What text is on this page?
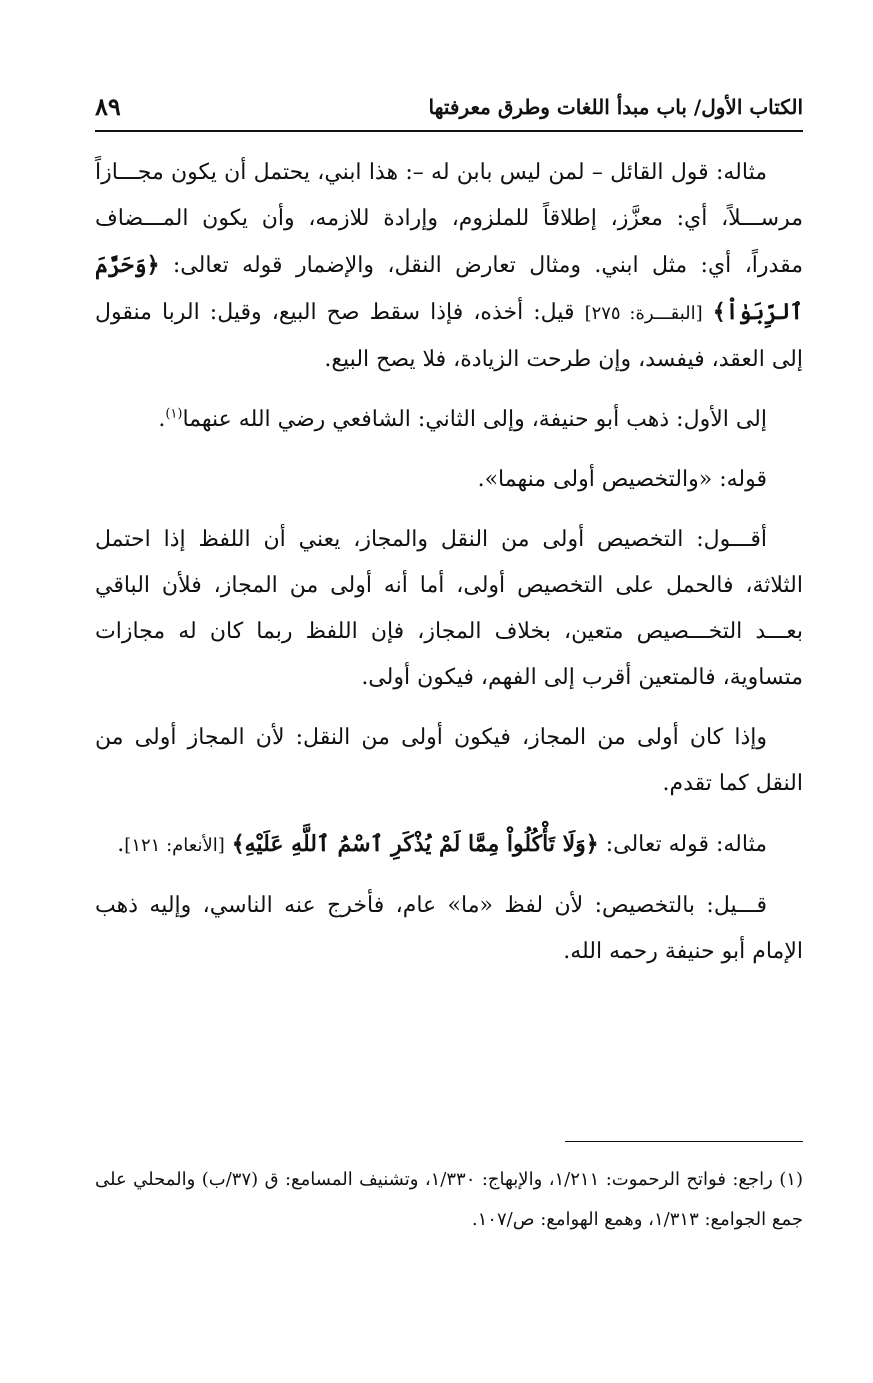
الكتاب الأول/ باب مبدأ اللغات وطرق معرفتها
٨٩

مثاله: قول القائل – لمن ليس بابن له –: هذا ابني، يحتمل أن يكون مجـــازاً مرســـلاً، أي: معزَّز، إطلاقاً للملزوم، وإرادة للازمه، وأن يكون المـــضاف مقدراً، أي: مثل ابني. ومثال تعارض النقل، والإضمار قوله تعالى: ﴿وَحَرَّمَ ٱلرِّبَوٰاْ﴾ [البقـــرة: ٢٧٥] قيل: أخذه، فإذا سقط صح البيع، وقيل: الربا منقول إلى العقد، فيفسد، وإن طرحت الزيادة، فلا يصح البيع.

إلى الأول: ذهب أبو حنيفة، وإلى الثاني: الشافعي رضي الله عنهما$^{(١)}$.

قوله: «والتخصيص أولى منهما».

أقـــول: التخصيص أولى من النقل والمجاز، يعني أن اللفظ إذا احتمل الثلاثة، فالحمل على التخصيص أولى، أما أنه أولى من المجاز، فلأن الباقي بعـــد التخـــصيص متعين، بخلاف المجاز، فإن اللفظ ربما كان له مجازات متساوية، فالمتعين أقرب إلى الفهم، فيكون أولى.

وإذا كان أولى من المجاز، فيكون أولى من النقل: لأن المجاز أولى من النقل كما تقدم.

مثاله: قوله تعالى: ﴿وَلَا تَأْكُلُواْ مِمَّا لَمْ يُذْكَرِ ٱسْمُ ٱللَّهِ عَلَيْهِ﴾ [الأنعام: ١٢١].

قـــيل: بالتخصيص: لأن لفظ «ما» عام، فأخرج عنه الناسي، وإليه ذهب الإمام أبو حنيفة رحمه الله.

(١) راجع: فواتح الرحموت: ١/٢١١، والإبهاج: ١/٣٣٠، وتشنيف المسامع: ق (٣٧/ب) والمحلي على جمع الجوامع: ١/٣١٣، وهمع الهوامع: ص/١٠٧.
